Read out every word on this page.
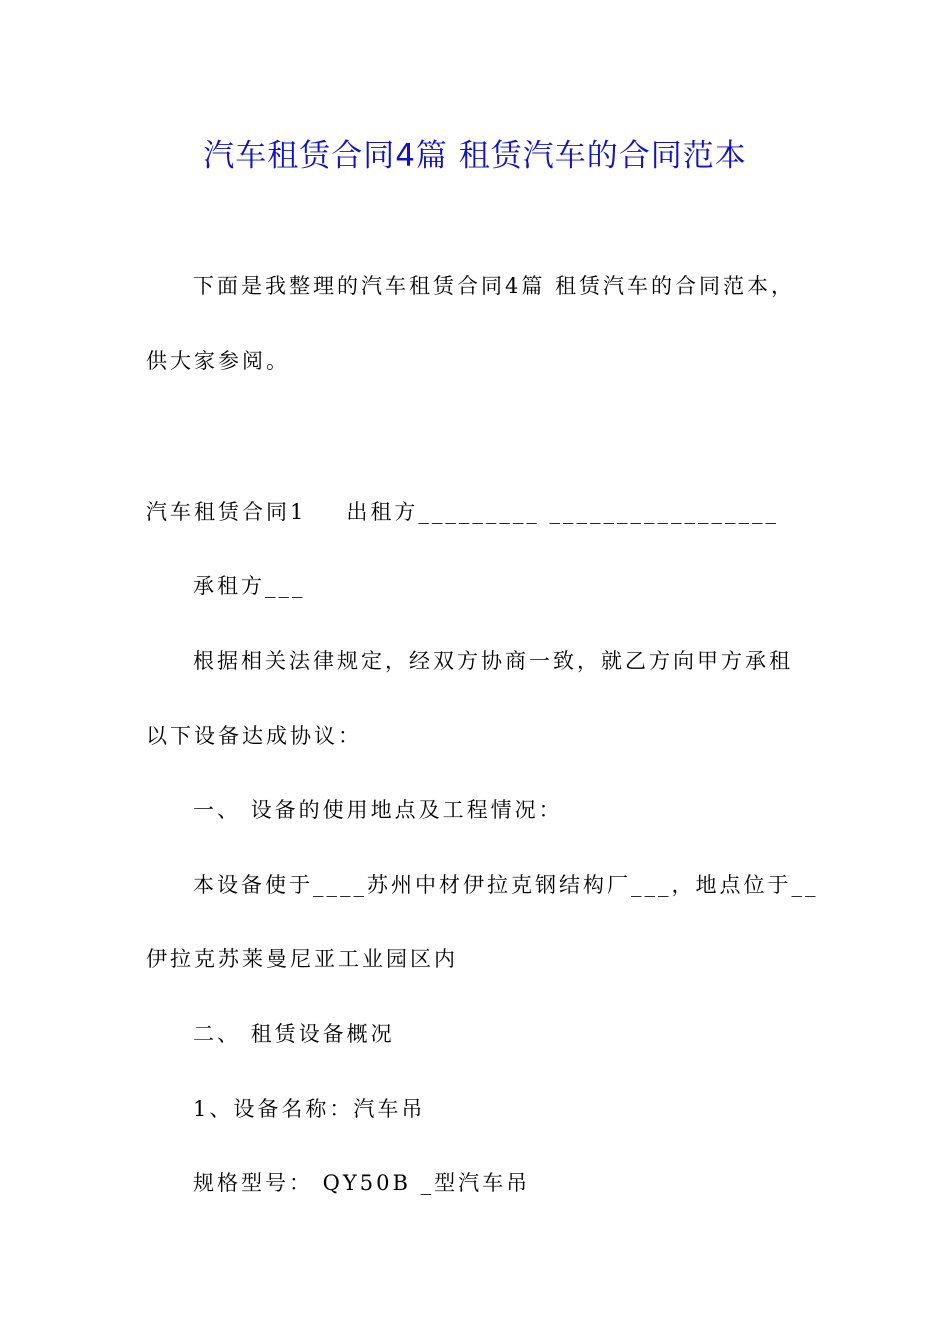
汽车租赁合同4篇 租赁汽车的合同范本
下面是我整理的汽车租赁合同4篇 租赁汽车的合同范本，
供大家参阅。
汽车租赁合同1 出租方_________ _________________
承租方___
根据相关法律规定，经双方协商一致，就乙方向甲方承租
以下设备达成协议：
一、 设备的使用地点及工程情况：
本设备使于____苏州中材伊拉克钢结构厂___，地点位于__
伊拉克苏莱曼尼亚工业园区内
二、 租赁设备概况
1、设备名称：汽车吊
规格型号： QY50B _型汽车吊
